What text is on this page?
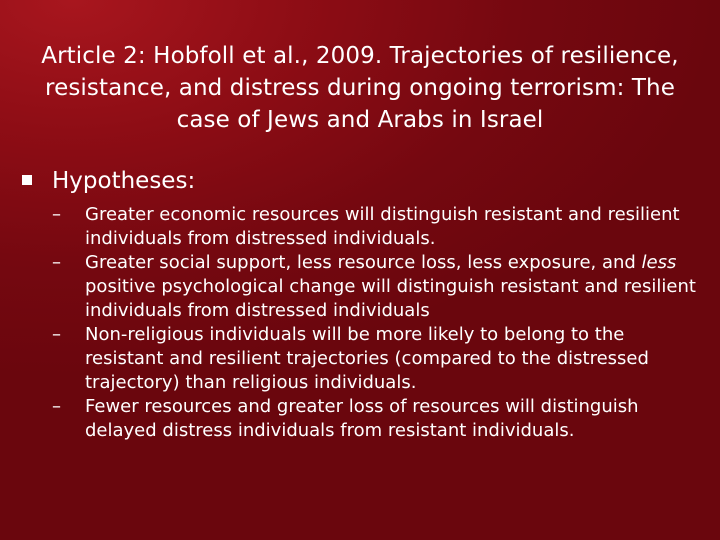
Article 2: Hobfoll et al., 2009. Trajectories of resilience, resistance, and distress during ongoing terrorism: The case of Jews and Arabs in Israel
Hypotheses:
– Greater economic resources will distinguish resistant and resilient individuals from distressed individuals.
– Greater social support, less resource loss, less exposure, and less positive psychological change will distinguish resistant and resilient individuals from distressed individuals
– Non-religious individuals will be more likely to belong to the resistant and resilient trajectories (compared to the distressed trajectory) than religious individuals.
– Fewer resources and greater loss of resources will distinguish delayed distress individuals from resistant individuals.
